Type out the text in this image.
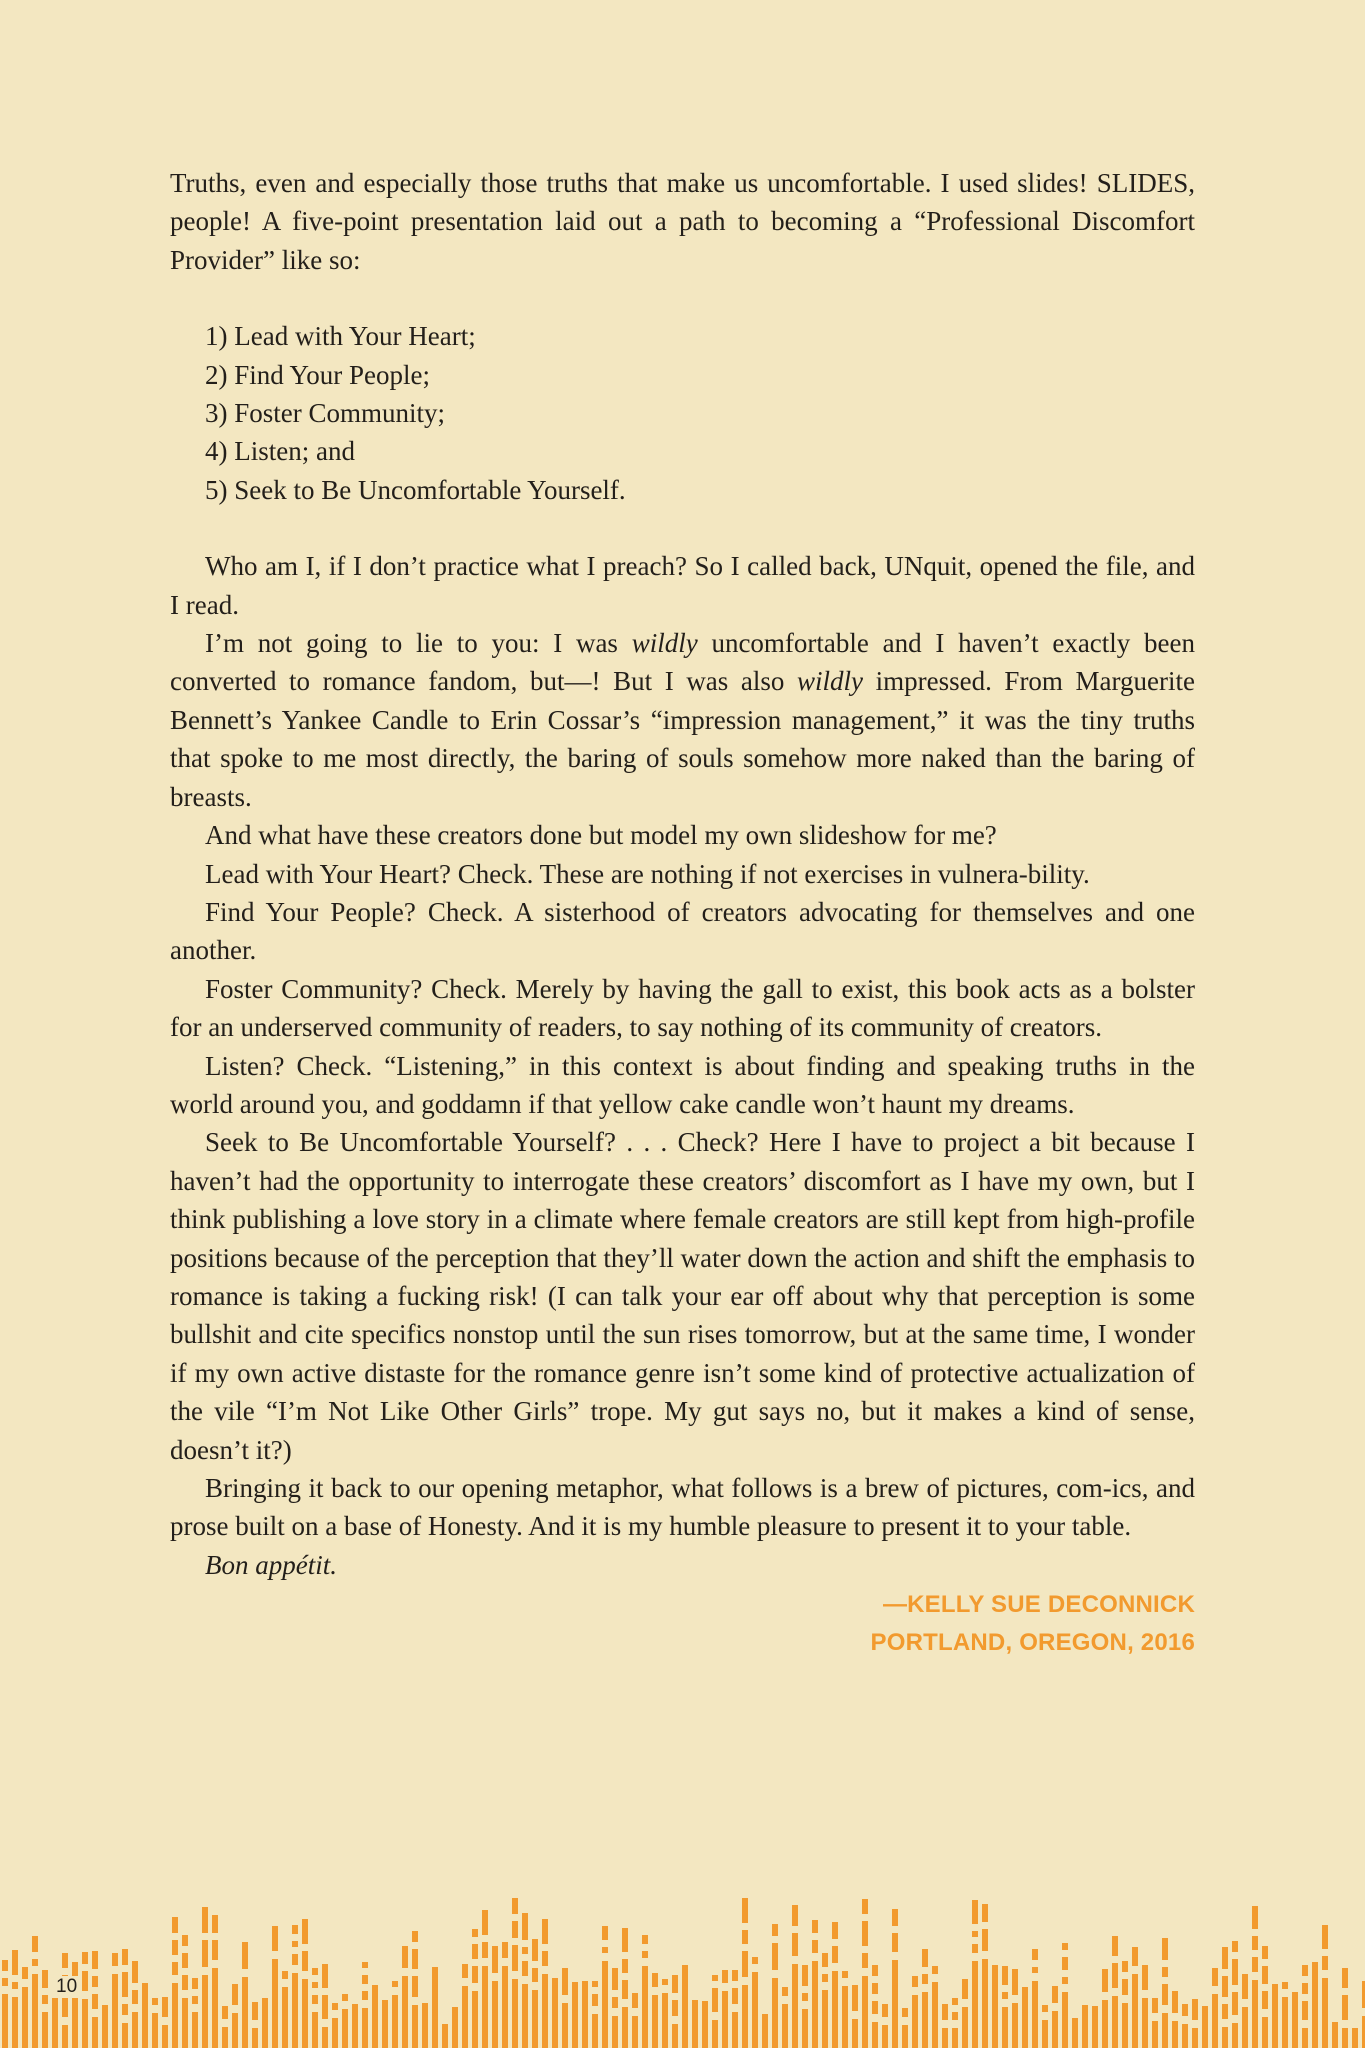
Truths, even and especially those truths that make us uncomfortable. I used slides! SLIDES, people! A five-point presentation laid out a path to becoming a “Professional Discomfort Provider” like so:

1) Lead with Your Heart;
2) Find Your People;
3) Foster Community;
4) Listen; and
5) Seek to Be Uncomfortable Yourself.

Who am I, if I don’t practice what I preach? So I called back, UNquit, opened the file, and I read.

I’m not going to lie to you: I was wildly uncomfortable and I haven’t exactly been converted to romance fandom, but—! But I was also wildly impressed. From Marguerite Bennett’s Yankee Candle to Erin Cossar’s “impression management,” it was the tiny truths that spoke to me most directly, the baring of souls somehow more naked than the baring of breasts.

And what have these creators done but model my own slideshow for me?

Lead with Your Heart? Check. These are nothing if not exercises in vulnera-bility.

Find Your People? Check. A sisterhood of creators advocating for themselves and one another.

Foster Community? Check. Merely by having the gall to exist, this book acts as a bolster for an underserved community of readers, to say nothing of its community of creators.

Listen? Check. “Listening,” in this context is about finding and speaking truths in the world around you, and goddamn if that yellow cake candle won’t haunt my dreams.

Seek to Be Uncomfortable Yourself? . . . Check? Here I have to project a bit because I haven’t had the opportunity to interrogate these creators’ discomfort as I have my own, but I think publishing a love story in a climate where female creators are still kept from high-profile positions because of the perception that they’ll water down the action and shift the emphasis to romance is taking a fucking risk! (I can talk your ear off about why that perception is some bullshit and cite specifics nonstop until the sun rises tomorrow, but at the same time, I wonder if my own active distaste for the romance genre isn’t some kind of protective actualization of the vile “I’m Not Like Other Girls” trope. My gut says no, but it makes a kind of sense, doesn’t it?)

Bringing it back to our opening metaphor, what follows is a brew of pictures, com-ics, and prose built on a base of Honesty. And it is my humble pleasure to present it to your table.

Bon appétit.

—KELLY SUE DECONNICK
PORTLAND, OREGON, 2016
10
